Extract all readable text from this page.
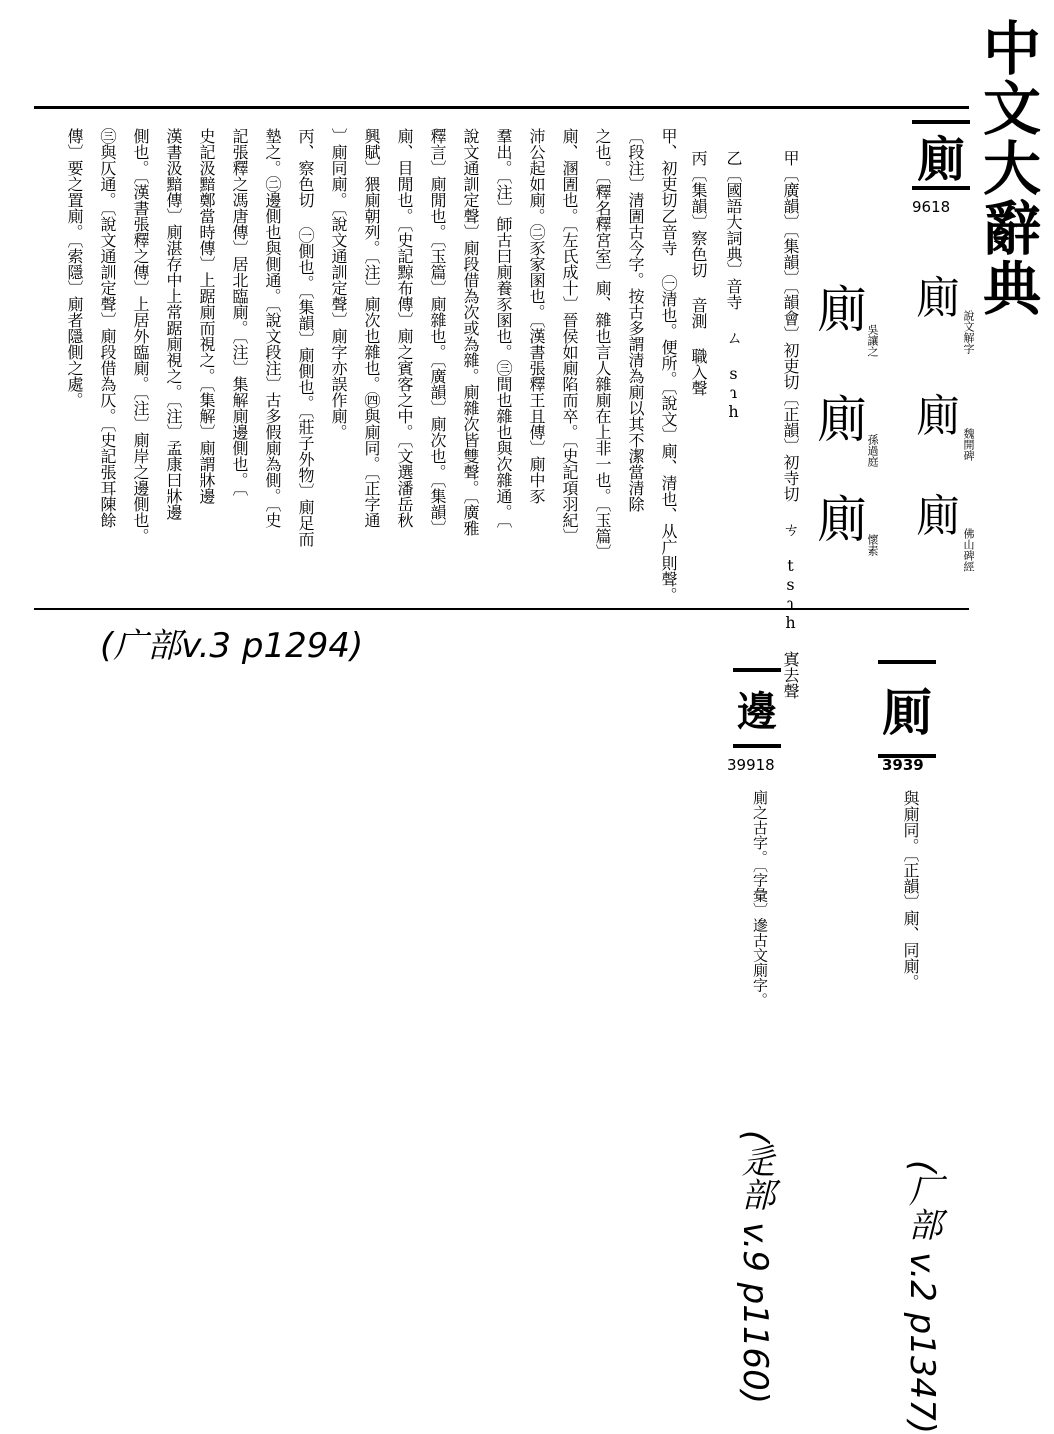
中文大辭典
廁
9618
廁
說文解字
廁
魏開碑
廁
佛山碑經
廁
吳讓之
廁
孫過庭
廁 懷素
甲〔廣韻〕〔集韻〕〔韻會〕初吏切〔正韻〕初寺切 ㄘ tsɿh 寘去聲
乙〔國語大詞典〕音寺 ㄙ sɿh
丙〔集韻〕察色切 音測 職入聲
甲、初吏切乙音寺 ㊀清也。便所。〔說文〕廁、清也、从广則聲。
〔段注〕清圊古今字。按古多謂清為廁以其不潔當清除
之也。〔釋名釋宮室〕廁、雜也言人雜廁在上非一也。〔玉篇〕
廁、溷圊也。〔左氏成十〕晉侯如廁陷而卒。〔史記項羽紀〕
沛公起如廁。㊁豕家圂也。〔漢書張釋王且傳〕廁中豕
羣出。〔注〕師古曰廁養豕圂也。㊂間也雜也與次雜通。〔
說文通訓定聲〕廁段借為次或為雜。廁雜次皆雙聲。〔廣雅
釋言〕廁閒也。〔玉篇〕廁雜也。〔廣韻〕廁次也。〔集韻〕
廁、目閒也。〔史記黥布傳〕廁之賓客之中。〔文選潘岳秋
興賦〕猥廁朝列。〔注〕廁次也雜也。㊃與廁同。〔正字通
〕廁同廁。〔說文通訓定聲〕廁字亦誤作廁。
丙、察色切 ㊀側也。〔集韻〕廁側也。〔莊子外物〕廁足而
墊之。㊁邊側也與側通。〔說文段注〕古多假廁為側。〔史
記張釋之馮唐傳〕居北臨廁。〔注〕集解廁邊側也。〔
史記汲黯鄭當時傳〕上踞廁而視之。〔集解〕廁謂牀邊
漢書汲黯傳〕廁湛存中上常踞廁視之。〔注〕孟康曰牀邊
側也。〔漢書張釋之傳〕上居外臨廁。〔注〕廁岸之邊側也。
㊂與仄通。〔說文通訓定聲〕廁段借為仄。〔史記張耳陳餘
傳〕要之置廁。〔索隱〕廁者隱側之處。
(广部v.3 p1294)
厠
3939
與廁同。〔正韻〕廁、同廁。
邊
39918
廁之古字。〔字彙〕遪古文廁字。
(辵部 v.9 p1160)	(厂部 v.2 p1347)
